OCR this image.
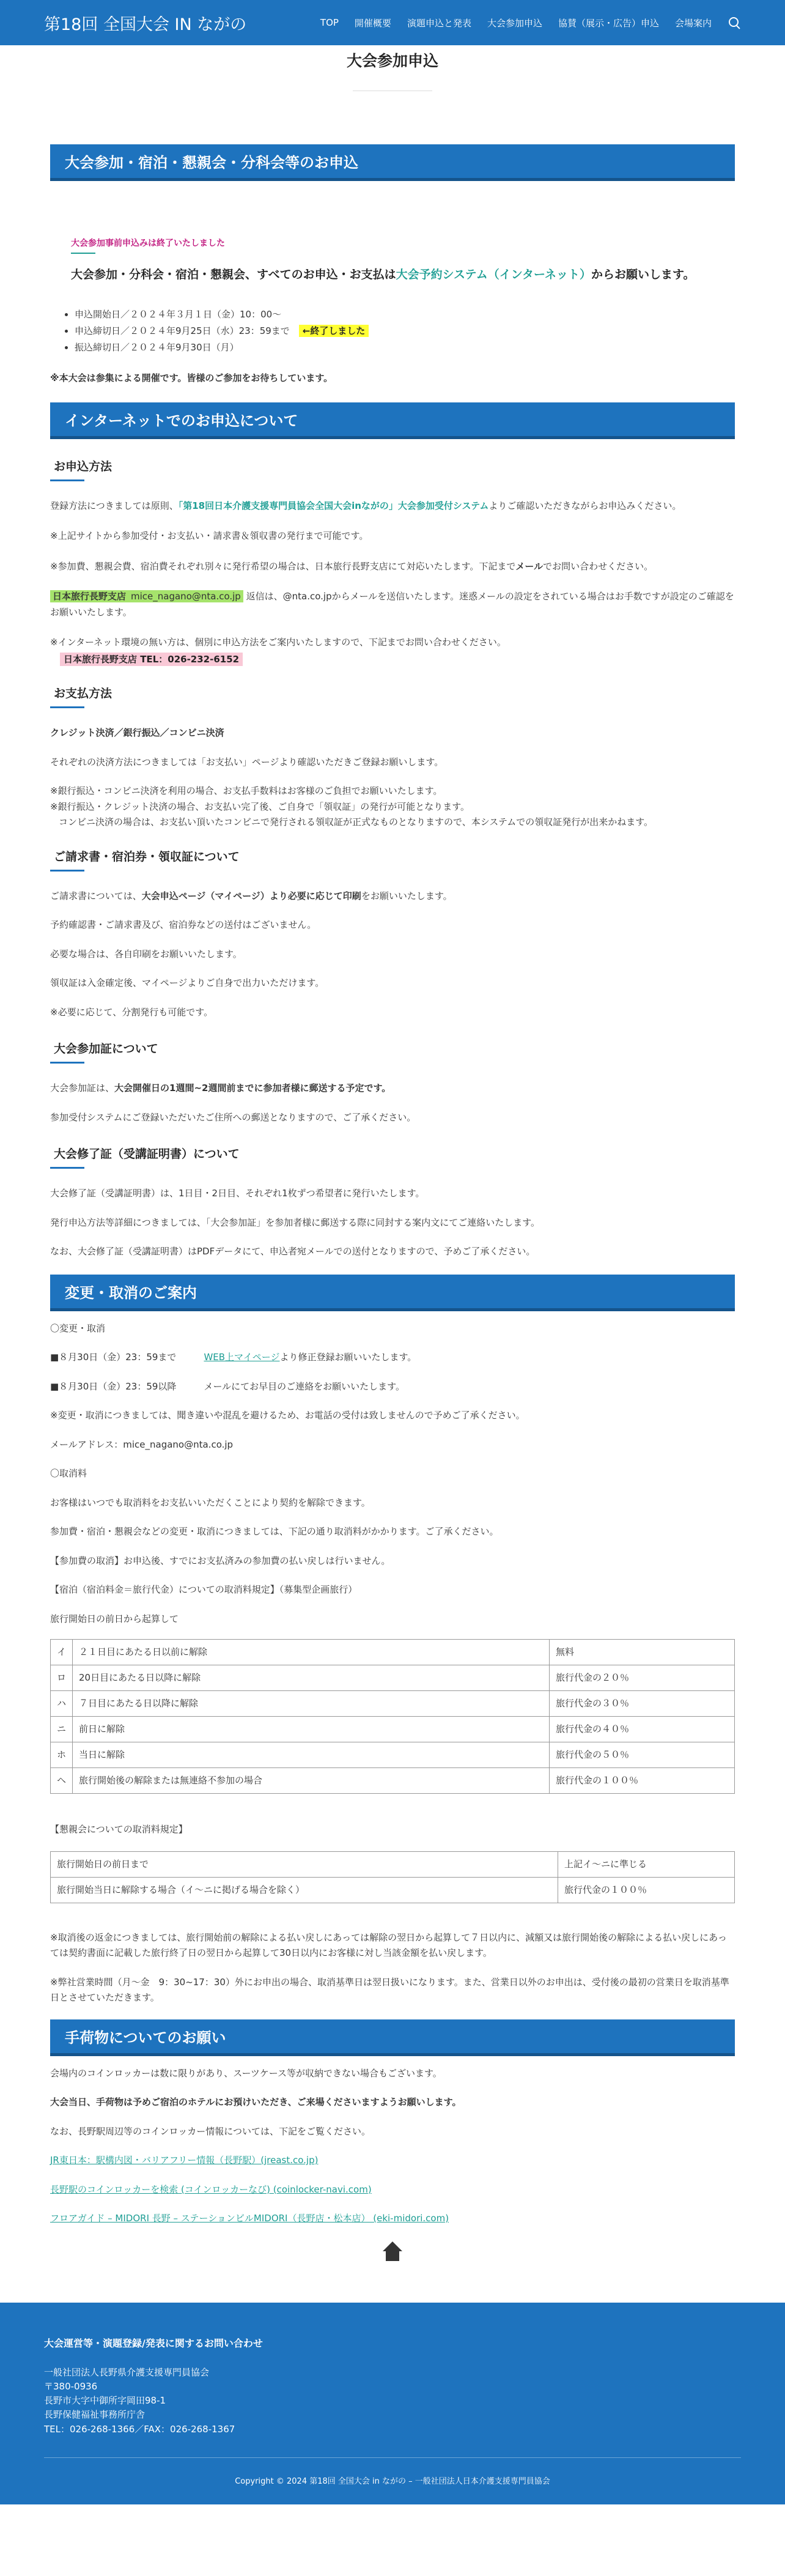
第18回 全国大会 IN ながの	TOP 開催概要 演題申込と発表 大会参加申込 協賛（展示・広告）申込 会場案内
大会参加申込
大会参加・宿泊・懇親会・分科会等のお申込

大会参加事前申込みは終了いたしました

大会参加・分科会・宿泊・懇親会、すべてのお申込・お支払は大会予約システム（インターネット）からお願いします。

• 申込開始日／２０２４年３月１日（金）10：00～
• 申込締切日／２０２４年9月25日（水）23：59まで　 ←終了しました
• 振込締切日／２０２４年9月30日（月）

※本大会は参集による開催です。皆様のご参加をお待ちしています。

インターネットでのお申込について
お申込方法

登録方法につきましては原則、「第18回日本介護支援専門員協会全国大会inながの」大会参加受付システムよりご確認いただきながらお申込みください。

※上記サイトから参加受付・お支払い・請求書＆領収書の発行まで可能です。

※参加費、懇親会費、宿泊費それぞれ別々に発行希望の場合は、日本旅行長野支店にて対応いたします。下記までメールでお問い合わせください。

日本旅行長野支店 mice_nagano@nta.co.jp 返信は、@nta.co.jpからメールを送信いたします。迷惑メールの設定をされている場合はお手数ですが設定のご確認をお願いいたします。

※インターネット環境の無い方は、個別に申込方法をご案内いたしますので、下記までお問い合わせください。

日本旅行長野支店 TEL：026-232-6152

お支払方法

クレジット決済／銀行振込／コンビニ決済

それぞれの決済方法につきましては「お支払い」ページより確認いただきご登録お願いします。

※銀行振込・コンビニ決済を利用の場合、お支払手数料はお客様のご負担でお願いいたします。

※銀行振込・クレジット決済の場合、お支払い完了後、ご自身で「領収証」の発行が可能となります。

コンビニ決済の場合は、お支払い頂いたコンビニで発行される領収証が正式なものとなりますので、本システムでの領収証発行が出来かねます。

ご請求書・宿泊券・領収証について

ご請求書については、大会申込ページ（マイページ）より必要に応じて印刷をお願いいたします。

予約確認書・ご請求書及び、宿泊券などの送付はございません。

必要な場合は、各自印刷をお願いいたします。

領収証は入金確定後、マイページよりご自身で出力いただけます。

※必要に応じて、分割発行も可能です。

大会参加証について

大会参加証は、大会開催日の1週間~2週間前までに参加者様に郵送する予定です。

参加受付システムにご登録いただいたご住所への郵送となりますので、ご了承ください。

大会修了証（受講証明書）について

大会修了証（受講証明書）は、1日目・2日目、それぞれ1枚ずつ希望者に発行いたします。

発行申込方法等詳細につきましては、「大会参加証」を参加者様に郵送する際に同封する案内文にてご連絡いたします。

なお、大会修了証（受講証明書）はPDFデータにて、申込者宛メールでの送付となりますので、予めご了承ください。

変更・取消のご案内

〇変更・取消

■８月30日（金）23：59まで　　　	WEB上マイページより修正登録お願いいたします。

■８月30日（金）23：59以降　　　	メールにてお早目のご連絡をお願いいたします。

※変更・取消につきましては、聞き違いや混乱を避けるため、お電話の受付は致しませんので予めご了承ください。

メールアドレス：mice_nagano@nta.co.jp

〇取消料

お客様はいつでも取消料をお支払いいただくことにより契約を解除できます。

参加費・宿泊・懇親会などの変更・取消につきましては、下記の通り取消料がかかります。ご了承ください。

【参加費の取消】お申込後、すでにお支払済みの参加費の払い戻しは行いません。

【宿泊（宿泊料金＝旅行代金）についての取消料規定】（募集型企画旅行）

旅行開始日の前日から起算して

イ	２１日目にあたる日以前に解除	無料
ロ	20日目にあたる日以降に解除	旅行代金の２０％
ハ	７日目にあたる日以降に解除	旅行代金の３０％
ニ	前日に解除	旅行代金の４０％
ホ	当日に解除	旅行代金の５０％
ヘ	旅行開始後の解除または無連絡不参加の場合	旅行代金の１００％

【懇親会についての取消料規定】

旅行開始日の前日まで	上記イ～ニに準じる
旅行開始当日に解除する場合（イ～ニに掲げる場合を除く）	旅行代金の１００％

※取消後の返金につきましては、旅行開始前の解除による払い戻しにあっては解除の翌日から起算して７日以内に、減額又は旅行開始後の解除による払い戻しにあっては契約書面に記載した旅行終了日の翌日から起算して30日以内にお客様に対し当該金額を払い戻します。

※弊社営業時間（月～金　9：30~17：30）外にお申出の場合、取消基準日は翌日扱いになります。また、営業日以外のお申出は、受付後の最初の営業日を取消基準日とさせていただきます。

手荷物についてのお願い

会場内のコインロッカーは数に限りがあり、スーツケース等が収納できない場合もございます。

大会当日、手荷物は予めご宿泊のホテルにお預けいただき、ご来場くださいますようお願いします。

なお、長野駅周辺等のコインロッカー情報については、下記をご覧ください。

JR東日本：駅構内図・バリアフリー情報（長野駅）(jreast.co.jp)

長野駅のコインロッカーを検索 (コインロッカーなび) (coinlocker-navi.com)

フロアガイド – MIDORI 長野 – ステーションビルMIDORI（長野店・松本店） (eki-midori.com)

大会運営等・演題登録/発表に関するお問い合わせ

一般社団法人長野県介護支援専門員協会

〒380-0936

長野市大字中御所字岡田98-1

長野保健福祉事務所庁舎

TEL：026-268-1366／FAX：026-268-1367

Copyright © 2024 第18回 全国大会 in ながの – 一般社団法人日本介護支援専門員協会
